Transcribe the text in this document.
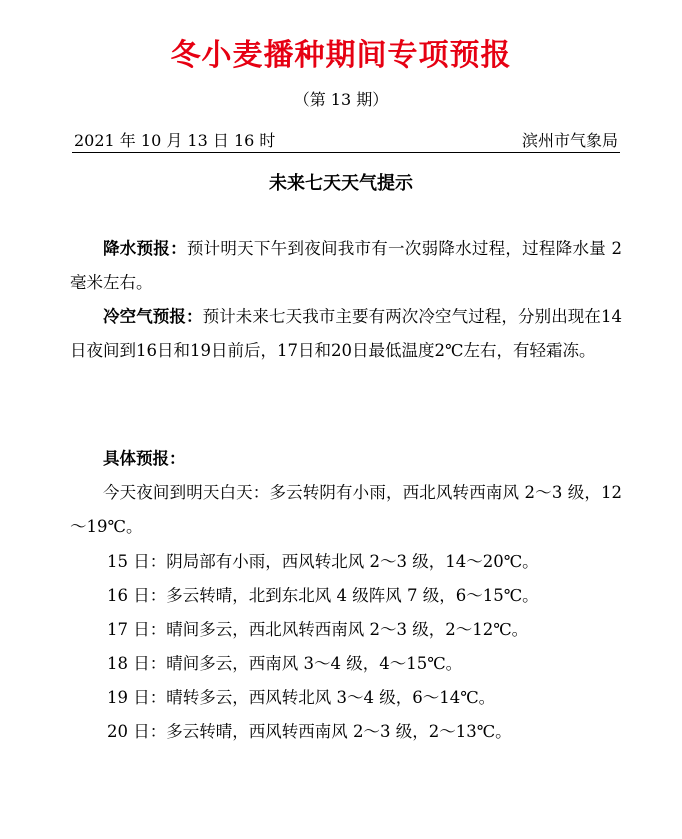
冬小麦播种期间专项预报
（第 13 期）
2021 年 10 月 13 日 16 时	滨州市气象局
未来七天天气提示
降水预报：预计明天下午到夜间我市有一次弱降水过程，过程降水量 2 毫米左右。
冷空气预报：预计未来七天我市主要有两次冷空气过程，分别出现在14日夜间到16日和19日前后，17日和20日最低温度2℃左右，有轻霜冻。
具体预报：
今天夜间到明天白天：多云转阴有小雨，西北风转西南风 2～3 级，12～19℃。
15 日：阴局部有小雨，西风转北风 2～3 级，14～20℃。
16 日：多云转晴，北到东北风 4 级阵风 7 级，6～15℃。
17 日：晴间多云，西北风转西南风 2～3 级，2～12℃。
18 日：晴间多云，西南风 3～4 级，4～15℃。
19 日：晴转多云，西风转北风 3～4 级，6～14℃。
20 日：多云转晴，西风转西南风 2～3 级，2～13℃。
